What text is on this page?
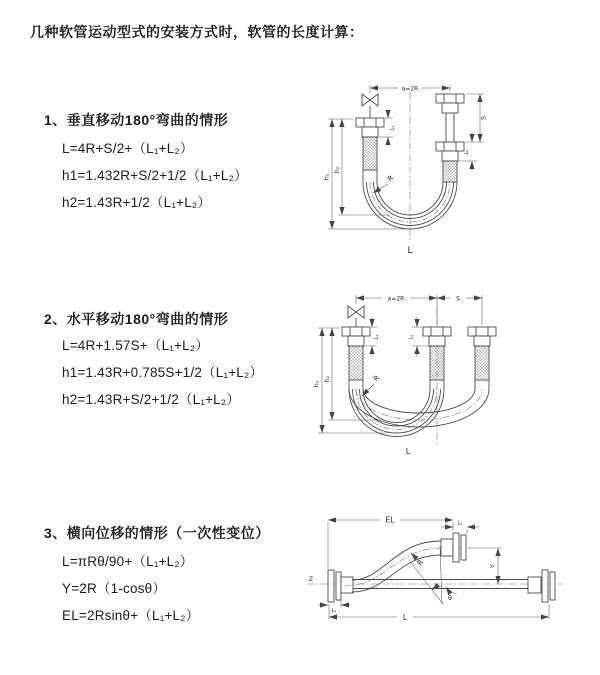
几种软管运动型式的安装方式时，软管的长度计算：
1、垂直移动180°弯曲的情形
L=4R+S/2+（L₁+L₂）
h1=1.432R+S/2+1/2（L₁+L₂）
h2=1.43R+1/2（L₁+L₂）
a=2R
h₁
h₂
L₁
S
L₂
R
L
2、水平移动180°弯曲的情形
L=4R+1.57S+（L₁+L₂）
h1=1.43R+0.785S+1/2（L₁+L₂）
h2=1.43R+S/2+1/2（L₁+L₂）
a=2R	S
h₁
h₂
L₁	L₂
R
L
3、横向位移的情形（一次性变位）
L=πRθ/90+（L₁+L₂）
Y=2R（1-cosθ）
EL=2Rsinθ+（L₁+L₂）
Z
EL	L₂
Y
θ
R
L₁
L
